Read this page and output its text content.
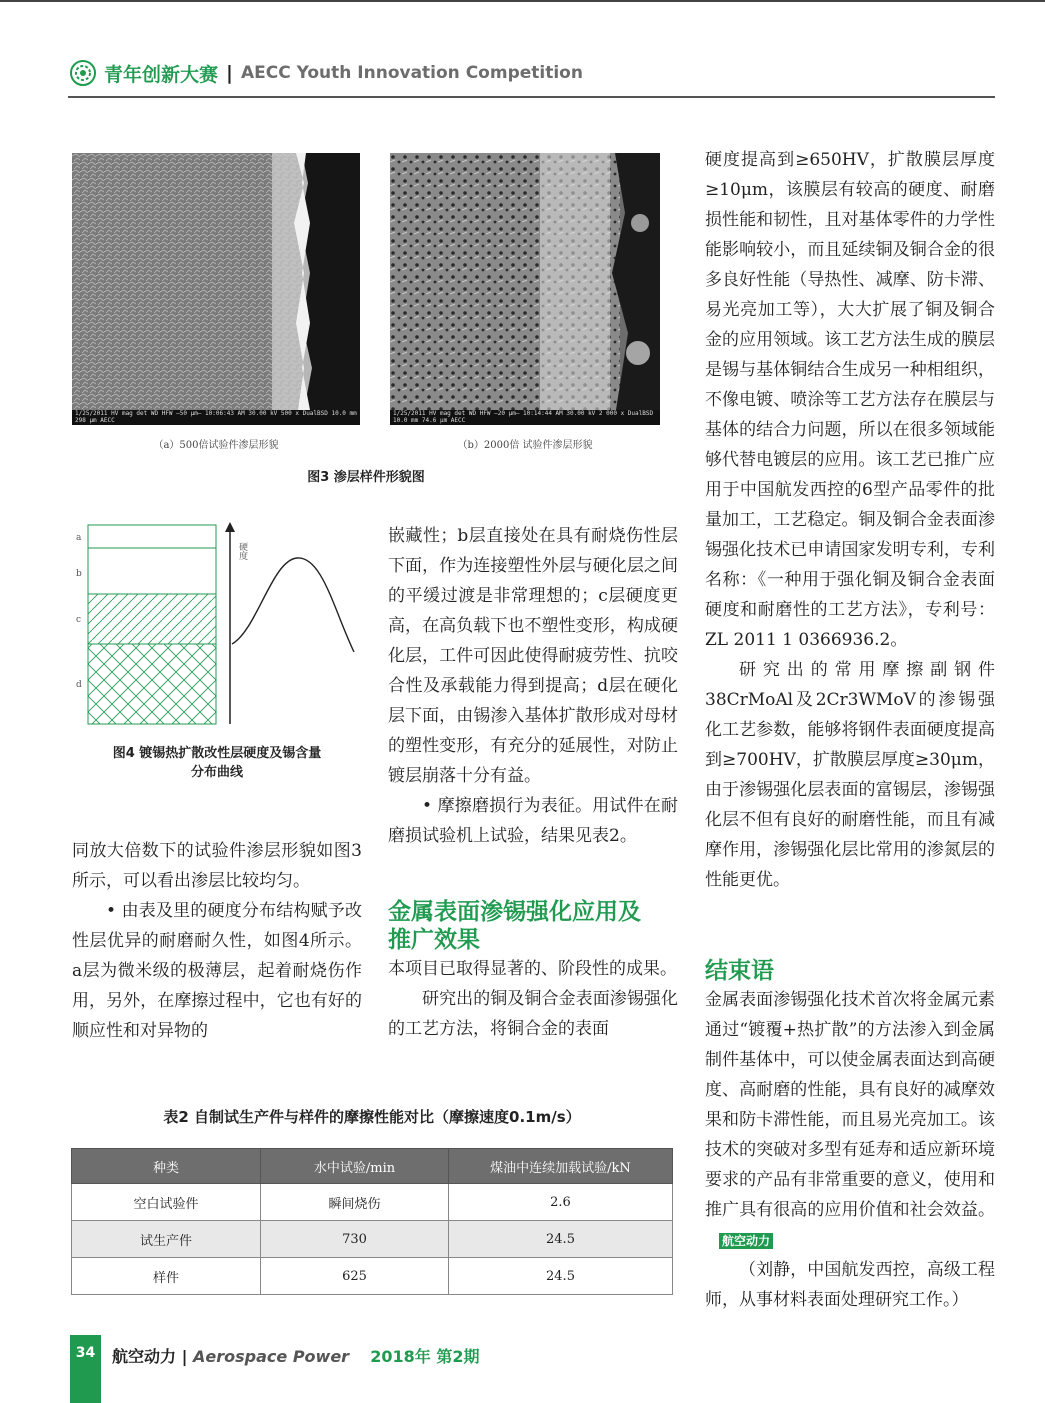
青年创新大赛 | AECC Youth Innovation Competition
1/25/2011 HV mag det WD HFW —50 μm— 10:06:43 AM 30.00 kV 500 x DualBSD 10.0 mm 298 μm AECC
1/25/2011 HV mag det WD HFW —20 μm— 10:14:44 AM 30.00 kV 2 000 x DualBSD 10.0 mm 74.6 μm AECC
（a）500倍试验件渗层形貌	（b）2000倍 试验件渗层形貌
图3 渗层样件形貌图
a
b
c
d
硬度
图4 镀锡热扩散改性层硬度及锡含量
分布曲线

同放大倍数下的试验件渗层形貌如图3所示，可以看出渗层比较均匀。

• 由表及里的硬度分布结构赋予改性层优异的耐磨耐久性，如图4所示。a层为微米级的极薄层，起着耐烧伤作用，另外，在摩擦过程中，它也有好的顺应性和对异物的

嵌藏性；b层直接处在具有耐烧伤性层下面，作为连接塑性外层与硬化层之间的平缓过渡是非常理想的；c层硬度更高，在高负载下也不塑性变形，构成硬化层，工件可因此使得耐疲劳性、抗咬合性及承载能力得到提高；d层在硬化层下面，由锡渗入基体扩散形成对母材的塑性变形，有充分的延展性，对防止镀层崩落十分有益。

• 摩擦磨损行为表征。用试件在耐磨损试验机上试验，结果见表2。

金属表面渗锡强化应用及
推广效果

本项目已取得显著的、阶段性的成果。

研究出的铜及铜合金表面渗锡强化的工艺方法，将铜合金的表面

硬度提高到≥650HV，扩散膜层厚度≥10μm，该膜层有较高的硬度、耐磨损性能和韧性，且对基体零件的力学性能影响较小，而且延续铜及铜合金的很多良好性能（导热性、减摩、防卡滞、易光亮加工等），大大扩展了铜及铜合金的应用领域。该工艺方法生成的膜层是锡与基体铜结合生成另一种相组织，不像电镀、喷涂等工艺方法存在膜层与基体的结合力问题，所以在很多领域能够代替电镀层的应用。该工艺已推广应用于中国航发西控的6型产品零件的批量加工，工艺稳定。铜及铜合金表面渗锡强化技术已申请国家发明专利，专利名称：《一种用于强化铜及铜合金表面硬度和耐磨性的工艺方法》，专利号：ZL 2011 1 0366936.2。

研究出的常用摩擦副钢件38CrMoAl及2Cr3WMoV的渗锡强化工艺参数，能够将钢件表面硬度提高到≥700HV，扩散膜层厚度≥30μm，由于渗锡强化层表面的富锡层，渗锡强化层不但有良好的耐磨性能，而且有减摩作用，渗锡强化层比常用的渗氮层的性能更优。

结束语

金属表面渗锡强化技术首次将金属元素通过“镀覆+热扩散”的方法渗入到金属制件基体中，可以使金属表面达到高硬度、高耐磨的性能，具有良好的减摩效果和防卡滞性能，而且易光亮加工。该技术的突破对多型有延寿和适应新环境要求的产品有非常重要的意义，使用和推广具有很高的应用价值和社会效益。航空动力

（刘静，中国航发西控，高级工程师，从事材料表面处理研究工作。）

表2 自制试生产件与样件的摩擦性能对比（摩擦速度0.1m/s）
种类	水中试验/min	煤油中连续加载试验/kN
空白试验件	瞬间烧伤	2.6
试生产件	730	24.5
样件	625	24.5
34	航空动力 | Aerospace Power 2018年 第2期
